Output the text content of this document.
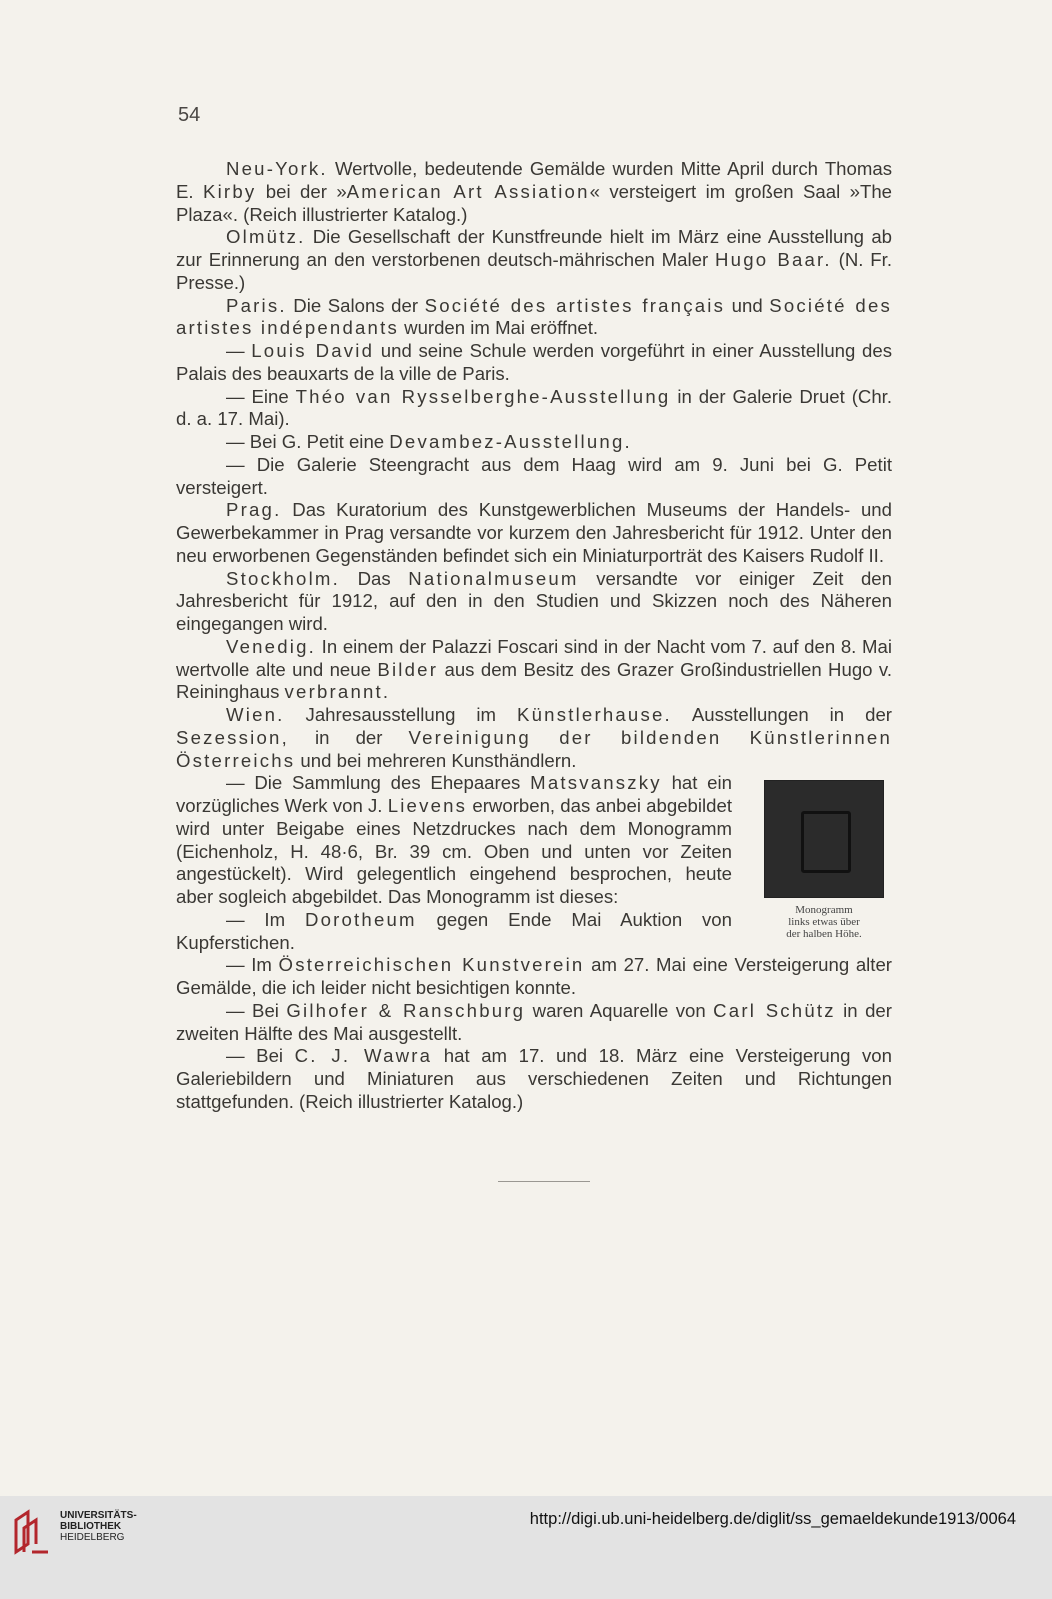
54

Neu-York. Wertvolle, bedeutende Gemälde wurden Mitte April durch Thomas E. Kirby bei der »American Art Assiation« versteigert im großen Saal »The Plaza«. (Reich illustrierter Katalog.)

Olmütz. Die Gesellschaft der Kunstfreunde hielt im März eine Ausstellung ab zur Erinnerung an den verstorbenen deutsch-mährischen Maler Hugo Baar. (N. Fr. Presse.)

Paris. Die Salons der Société des artistes français und Société des artistes indépendants wurden im Mai eröffnet.

— Louis David und seine Schule werden vorgeführt in einer Ausstellung des Palais des beauxarts de la ville de Paris.

— Eine Théo van Rysselberghe-Ausstellung in der Galerie Druet (Chr. d. a. 17. Mai).

— Bei G. Petit eine Devambez-Ausstellung.

— Die Galerie Steengracht aus dem Haag wird am 9. Juni bei G. Petit versteigert.

Prag. Das Kuratorium des Kunstgewerblichen Museums der Handels- und Gewerbekammer in Prag versandte vor kurzem den Jahresbericht für 1912. Unter den neu erworbenen Gegenständen befindet sich ein Miniaturporträt des Kaisers Rudolf II.

Stockholm. Das Nationalmuseum versandte vor einiger Zeit den Jahresbericht für 1912, auf den in den Studien und Skizzen noch des Näheren eingegangen wird.

Venedig. In einem der Palazzi Foscari sind in der Nacht vom 7. auf den 8. Mai wertvolle alte und neue Bilder aus dem Besitz des Grazer Großindustriellen Hugo v. Reininghaus verbrannt.

Wien. Jahresausstellung im Künstlerhause. Ausstellungen in der Sezession, in der Vereinigung der bildenden Künstlerinnen Österreichs und bei mehreren Kunsthändlern.

Monogramm
links etwas über
der halben Höhe.

— Die Sammlung des Ehepaares Matsvanszky hat ein vorzügliches Werk von J. Lievens erworben, das anbei abgebildet wird unter Beigabe eines Netzdruckes nach dem Monogramm (Eichenholz, H. 48·6, Br. 39 cm. Oben und unten vor Zeiten angestückelt). Wird gelegentlich eingehend besprochen, heute aber sogleich abgebildet. Das Monogramm ist dieses:

— Im Dorotheum gegen Ende Mai Auktion von Kupferstichen.

— Im Österreichischen Kunstverein am 27. Mai eine Versteigerung alter Gemälde, die ich leider nicht besichtigen konnte.

— Bei Gilhofer & Ranschburg waren Aquarelle von Carl Schütz in der zweiten Hälfte des Mai ausgestellt.

— Bei C. J. Wawra hat am 17. und 18. März eine Versteigerung von Galeriebildern und Miniaturen aus verschiedenen Zeiten und Richtungen stattgefunden. (Reich illustrierter Katalog.)

UNIVERSITÄTS-
BIBLIOTHEK
HEIDELBERG
http://digi.ub.uni-heidelberg.de/diglit/ss_gemaeldekunde1913/0064
